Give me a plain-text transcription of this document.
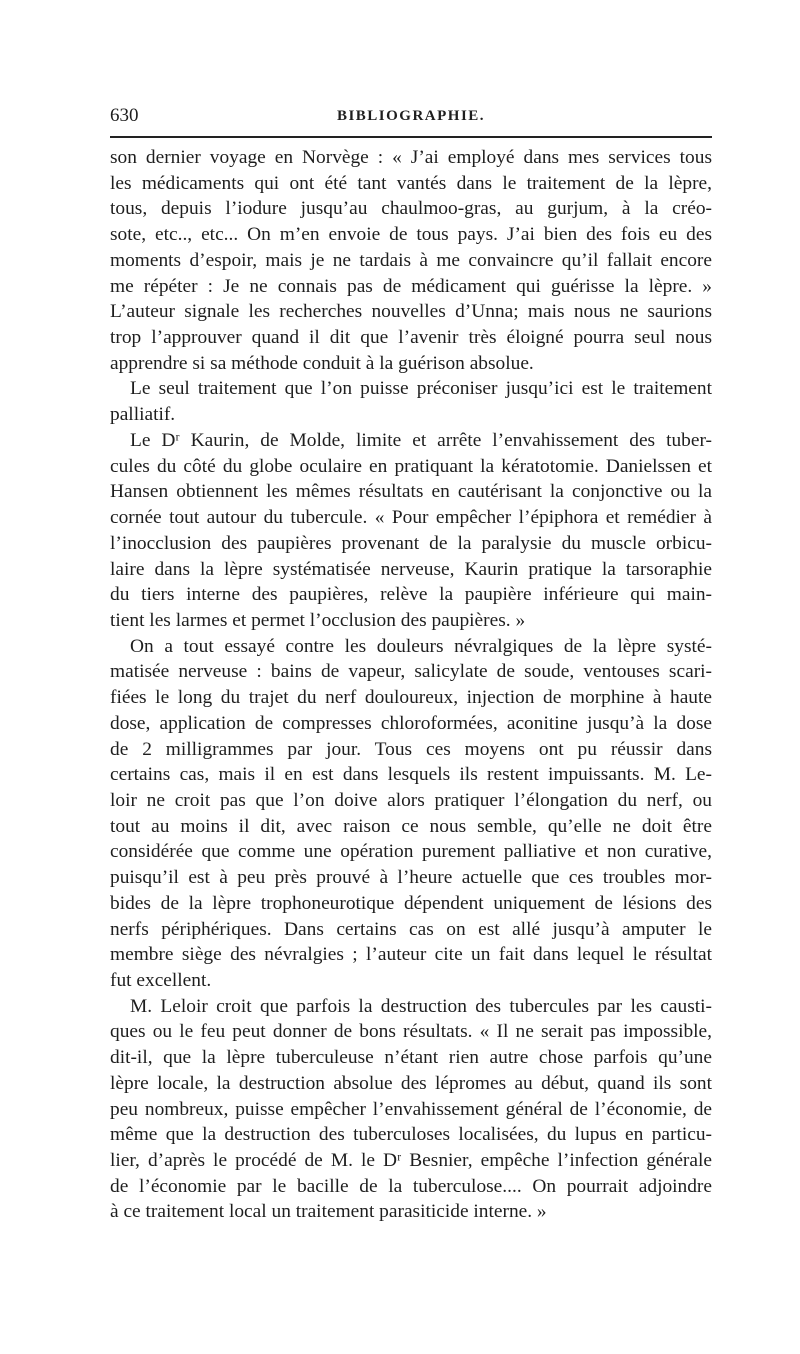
630	BIBLIOGRAPHIE.
son dernier voyage en Norvège : « J’ai employé dans mes services tous
les médicaments qui ont été tant vantés dans le traitement de la lèpre,
tous, depuis l’iodure jusqu’au chaulmoo-gras, au gurjum, à la créo-
sote, etc.., etc... On m’en envoie de tous pays. J’ai bien des fois eu des
moments d’espoir, mais je ne tardais à me convaincre qu’il fallait encore
me répéter : Je ne connais pas de médicament qui guérisse la lèpre. »
L’auteur signale les recherches nouvelles d’Unna; mais nous ne saurions
trop l’approuver quand il dit que l’avenir très éloigné pourra seul nous
apprendre si sa méthode conduit à la guérison absolue.
Le seul traitement que l’on puisse préconiser jusqu’ici est le traitement
palliatif.
Le Dʳ Kaurin, de Molde, limite et arrête l’envahissement des tuber-
cules du côté du globe oculaire en pratiquant la kératotomie. Danielssen et
Hansen obtiennent les mêmes résultats en cautérisant la conjonctive ou la
cornée tout autour du tubercule. « Pour empêcher l’épiphora et remédier à
l’inocclusion des paupières provenant de la paralysie du muscle orbicu-
laire dans la lèpre systématisée nerveuse, Kaurin pratique la tarsoraphie
du tiers interne des paupières, relève la paupière inférieure qui main-
tient les larmes et permet l’occlusion des paupières. »
On a tout essayé contre les douleurs névralgiques de la lèpre systé-
matisée nerveuse : bains de vapeur, salicylate de soude, ventouses scari-
fiées le long du trajet du nerf douloureux, injection de morphine à haute
dose, application de compresses chloroformées, aconitine jusqu’à la dose
de 2 milligrammes par jour. Tous ces moyens ont pu réussir dans
certains cas, mais il en est dans lesquels ils restent impuissants. M. Le-
loir ne croit pas que l’on doive alors pratiquer l’élongation du nerf, ou
tout au moins il dit, avec raison ce nous semble, qu’elle ne doit être
considérée que comme une opération purement palliative et non curative,
puisqu’il est à peu près prouvé à l’heure actuelle que ces troubles mor-
bides de la lèpre trophoneurotique dépendent uniquement de lésions des
nerfs périphériques. Dans certains cas on est allé jusqu’à amputer le
membre siège des névralgies ; l’auteur cite un fait dans lequel le résultat
fut excellent.
M. Leloir croit que parfois la destruction des tubercules par les causti-
ques ou le feu peut donner de bons résultats. « Il ne serait pas impossible,
dit-il, que la lèpre tuberculeuse n’étant rien autre chose parfois qu’une
lèpre locale, la destruction absolue des lépromes au début, quand ils sont
peu nombreux, puisse empêcher l’envahissement général de l’économie, de
même que la destruction des tuberculoses localisées, du lupus en particu-
lier, d’après le procédé de M. le Dʳ Besnier, empêche l’infection générale
de l’économie par le bacille de la tuberculose.... On pourrait adjoindre
à ce traitement local un traitement parasiticide interne. »
